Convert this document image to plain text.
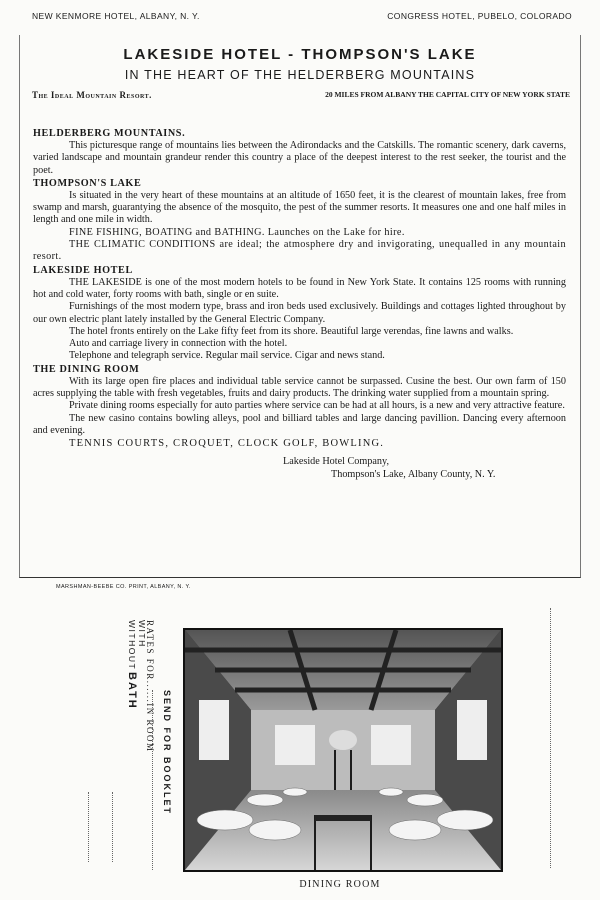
NEW KENMORE HOTEL, ALBANY, N. Y.	CONGRESS HOTEL, PUBELO, COLORADO
LAKESIDE HOTEL - THOMPSON'S LAKE
IN THE HEART OF THE HELDERBERG MOUNTAINS
The Ideal Mountain Resort.	20 MILES FROM ALBANY THE CAPITAL CITY OF NEW YORK STATE
HELDERBERG MOUNTAINS.

This picturesque range of mountains lies between the Adirondacks and the Catskills. The romantic scenery, dark caverns, varied landscape and mountain grandeur render this country a place of the deepest interest to the rest seeker, the tourist and the poet.

THOMPSON'S LAKE

Is situated in the very heart of these mountains at an altitude of 1650 feet, it is the clearest of mountain lakes, free from swamp and marsh, guarantying the absence of the mosquito, the pest of the summer resorts. It measures one and one half miles in length and one mile in width.

FINE FISHING, BOATING and BATHING. Launches on the Lake for hire.

THE CLIMATIC CONDITIONS are ideal; the atmosphere dry and invigorating, unequalled in any mountain resort.

LAKESIDE HOTEL

THE LAKESIDE is one of the most modern hotels to be found in New York State. It contains 125 rooms with running hot and cold water, forty rooms with bath, single or en suite.

Furnishings of the most modern type, brass and iron beds used exclusively. Buildings and cottages lighted throughout by our own electric plant lately installed by the General Electric Company.

The hotel fronts entirely on the Lake fifty feet from its shore. Beautiful large verendas, fine lawns and walks.

Auto and carriage livery in connection with the hotel.

Telephone and telegraph service. Regular mail service. Cigar and news stand.

THE DINING ROOM

With its large open fire places and individual table service cannot be surpassed. Cusine the best. Our own farm of 150 acres supplying the table with fresh vegetables, fruits and dairy products. The drinking water supplied from a mountain spring.

Private dining rooms especially for auto parties where service can be had at all hours, is a new and very attractive feature.

The new casino contains bowling alleys, pool and billiard tables and large dancing pavillion. Dancing every afternoon and evening.

TENNIS COURTS, CROQUET, CLOCK GOLF, BOWLING.

Lakeside Hotel Company,
Thompson's Lake, Albany County, N. Y.
MARSHMAN-BEEBE CO. PRINT, ALBANY, N. Y.
WITH
WITHOUT
BATH RATES FOR......IN ROOM SEND FOR BOOKLET
DINING ROOM
